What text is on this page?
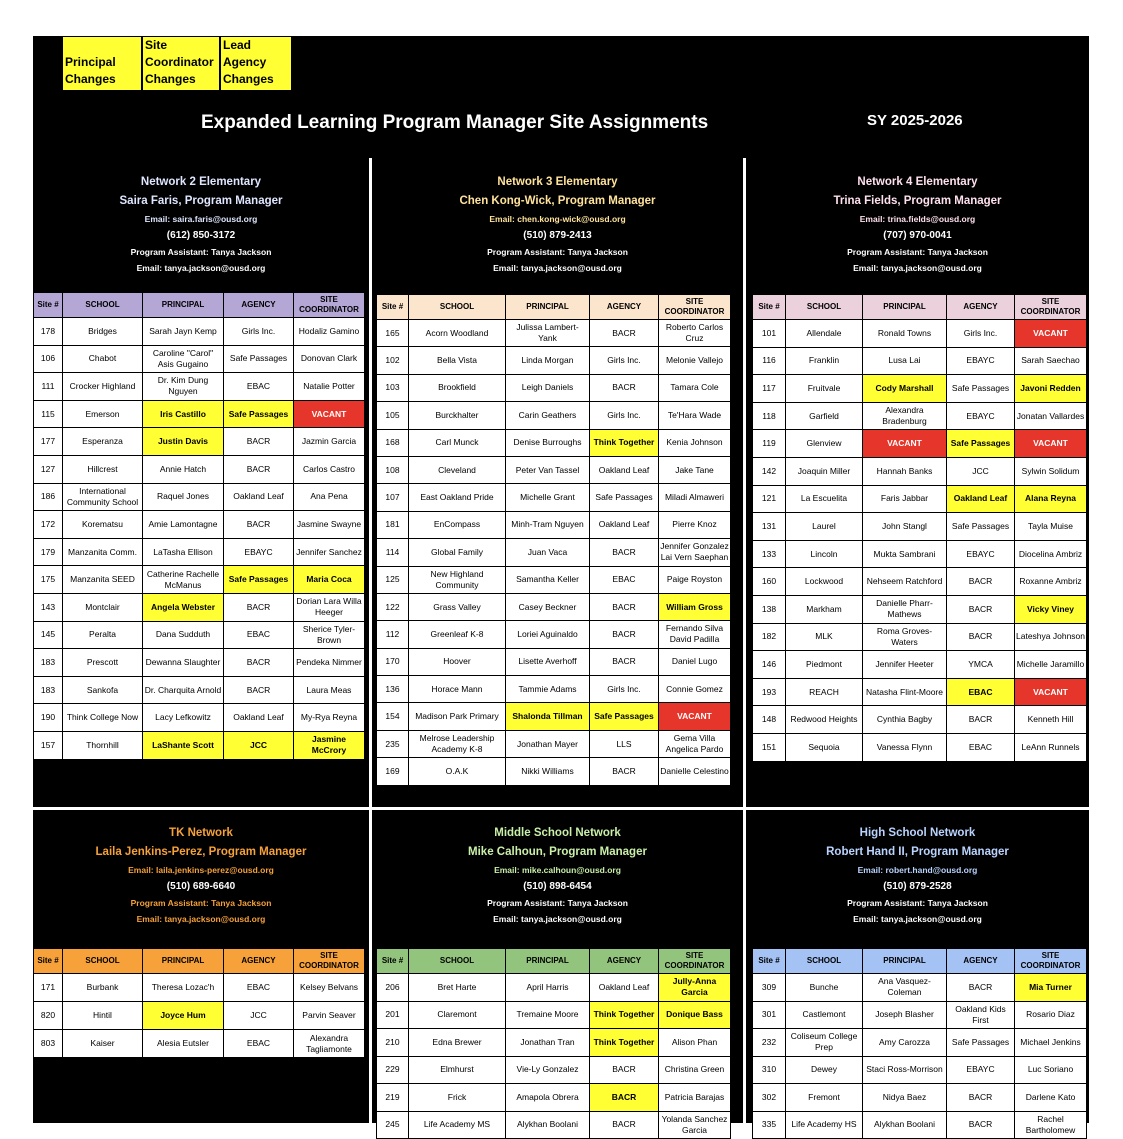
Principal Changes
Site Coordinator Changes
Lead Agency Changes
Expanded Learning Program Manager Site Assignments	SY 2025-2026
Network 2 Elementary
Saira Faris, Program Manager
Email: saira.faris@ousd.org
(612) 850-3172
Program Assistant: Tanya Jackson
Email: tanya.jackson@ousd.org
Site #	SCHOOL	PRINCIPAL	AGENCY	SITE COORDINATOR

178	Bridges	Sarah Jayn Kemp	Girls Inc.	Hodaliz Gamino

106	Chabot	Caroline "Carol" Asis Gugaino	Safe Passages	Donovan Clark

111	Crocker Highland	Dr. Kim Dung Nguyen	EBAC	Natalie Potter

115	Emerson	Iris Castillo	Safe Passages	VACANT

177	Esperanza	Justin Davis	BACR	Jazmin Garcia

127	Hillcrest	Annie Hatch	BACR	Carlos Castro

186	International Community School	Raquel Jones	Oakland Leaf	Ana Pena

172	Korematsu	Amie Lamontagne	BACR	Jasmine Swayne

179	Manzanita Comm.	LaTasha Ellison	EBAYC	Jennifer Sanchez

175	Manzanita SEED	Catherine Rachelle McManus	Safe Passages	Maria Coca

143	Montclair	Angela Webster	BACR	Dorian Lara Willa Heeger

145	Peralta	Dana Sudduth	EBAC	Sherice Tyler-Brown

183	Prescott	Dewanna Slaughter	BACR	Pendeka Nimmer

183	Sankofa	Dr. Charquita Arnold	BACR	Laura Meas

190	Think College Now	Lacy Lefkowitz	Oakland Leaf	My-Rya Reyna

157	Thornhill	LaShante Scott	JCC	Jasmine McCrory
Network 3 Elementary
Chen Kong-Wick, Program Manager
Email: chen.kong-wick@ousd.org
(510) 879-2413
Program Assistant: Tanya Jackson
Email: tanya.jackson@ousd.org
Site #	SCHOOL	PRINCIPAL	AGENCY	SITE COORDINATOR

165	Acorn Woodland	Julissa Lambert-Yank	BACR	Roberto Carlos Cruz

102	Bella Vista	Linda Morgan	Girls Inc.	Melonie Vallejo

103	Brookfield	Leigh Daniels	BACR	Tamara Cole

105	Burckhalter	Carin Geathers	Girls Inc.	Te'Hara Wade

168	Carl Munck	Denise Burroughs	Think Together	Kenia Johnson

108	Cleveland	Peter Van Tassel	Oakland Leaf	Jake Tane

107	East Oakland Pride	Michelle Grant	Safe Passages	Miladi Almaweri

181	EnCompass	Minh-Tram Nguyen	Oakland Leaf	Pierre Knoz

114	Global Family	Juan Vaca	BACR	Jennifer Gonzalez Lai Vern Saephan

125	New Highland Community	Samantha Keller	EBAC	Paige Royston

122	Grass Valley	Casey Beckner	BACR	William Gross

112	Greenleaf K-8	Loriei Aguinaldo	BACR	Fernando Silva David Padilla

170	Hoover	Lisette Averhoff	BACR	Daniel Lugo

136	Horace Mann	Tammie Adams	Girls Inc.	Connie Gomez

154	Madison Park Primary	Shalonda Tillman	Safe Passages	VACANT

235	Melrose Leadership Academy K-8	Jonathan Mayer	LLS	Gema Villa Angelica Pardo

169	O.A.K	Nikki Williams	BACR	Danielle Celestino
Network 4 Elementary
Trina Fields, Program Manager
Email: trina.fields@ousd.org
(707) 970-0041
Program Assistant: Tanya Jackson
Email: tanya.jackson@ousd.org
Site #	SCHOOL	PRINCIPAL	AGENCY	SITE COORDINATOR

101	Allendale	Ronald Towns	Girls Inc.	VACANT

116	Franklin	Lusa Lai	EBAYC	Sarah Saechao

117	Fruitvale	Cody Marshall	Safe Passages	Javoni Redden

118	Garfield	Alexandra Bradenburg	EBAYC	Jonatan Vallardes

119	Glenview	VACANT	Safe Passages	VACANT

142	Joaquin Miller	Hannah Banks	JCC	Sylwin Solidum

121	La Escuelita	Faris Jabbar	Oakland Leaf	Alana Reyna

131	Laurel	John Stangl	Safe Passages	Tayla Muise

133	Lincoln	Mukta Sambrani	EBAYC	Diocelina Ambriz

160	Lockwood	Nehseem Ratchford	BACR	Roxanne Ambriz

138	Markham	Danielle Pharr-Mathews	BACR	Vicky Viney

182	MLK	Roma Groves-Waters	BACR	Lateshya Johnson

146	Piedmont	Jennifer Heeter	YMCA	Michelle Jaramillo

193	REACH	Natasha Flint-Moore	EBAC	VACANT

148	Redwood Heights	Cynthia Bagby	BACR	Kenneth Hill

151	Sequoia	Vanessa Flynn	EBAC	LeAnn Runnels
TK Network
Laila Jenkins-Perez, Program Manager
Email: laila.jenkins-perez@ousd.org
(510) 689-6640
Program Assistant: Tanya Jackson
Email: tanya.jackson@ousd.org
Site #	SCHOOL	PRINCIPAL	AGENCY	SITE COORDINATOR

171	Burbank	Theresa Lozac'h	EBAC	Kelsey Belvans

820	Hintil	Joyce Hum	JCC	Parvin Seaver

803	Kaiser	Alesia Eutsler	EBAC	Alexandra Tagliamonte
Middle School Network
Mike Calhoun, Program Manager
Email: mike.calhoun@ousd.org
(510) 898-6454
Program Assistant: Tanya Jackson
Email: tanya.jackson@ousd.org
Site #	SCHOOL	PRINCIPAL	AGENCY	SITE COORDINATOR

206	Bret Harte	April Harris	Oakland Leaf	Jully-Anna Garcia

201	Claremont	Tremaine Moore	Think Together	Donique Bass

210	Edna Brewer	Jonathan Tran	Think Together	Alison Phan

229	Elmhurst	Vie-Ly Gonzalez	BACR	Christina Green

219	Frick	Amapola Obrera	BACR	Patricia Barajas

245	Life Academy MS	Alykhan Boolani	BACR	Yolanda Sanchez Garcia
High School Network
Robert Hand II, Program Manager
Email: robert.hand@ousd.org
(510) 879-2528
Program Assistant: Tanya Jackson
Email: tanya.jackson@ousd.org
Site #	SCHOOL	PRINCIPAL	AGENCY	SITE COORDINATOR

309	Bunche	Ana Vasquez-Coleman	BACR	Mia Turner

301	Castlemont	Joseph Blasher	Oakland Kids First	Rosario Diaz

232	Coliseum College Prep	Amy Carozza	Safe Passages	Michael Jenkins

310	Dewey	Staci Ross-Morrison	EBAYC	Luc Soriano

302	Fremont	Nidya Baez	BACR	Darlene Kato

335	Life Academy HS	Alykhan Boolani	BACR	Rachel Bartholomew
